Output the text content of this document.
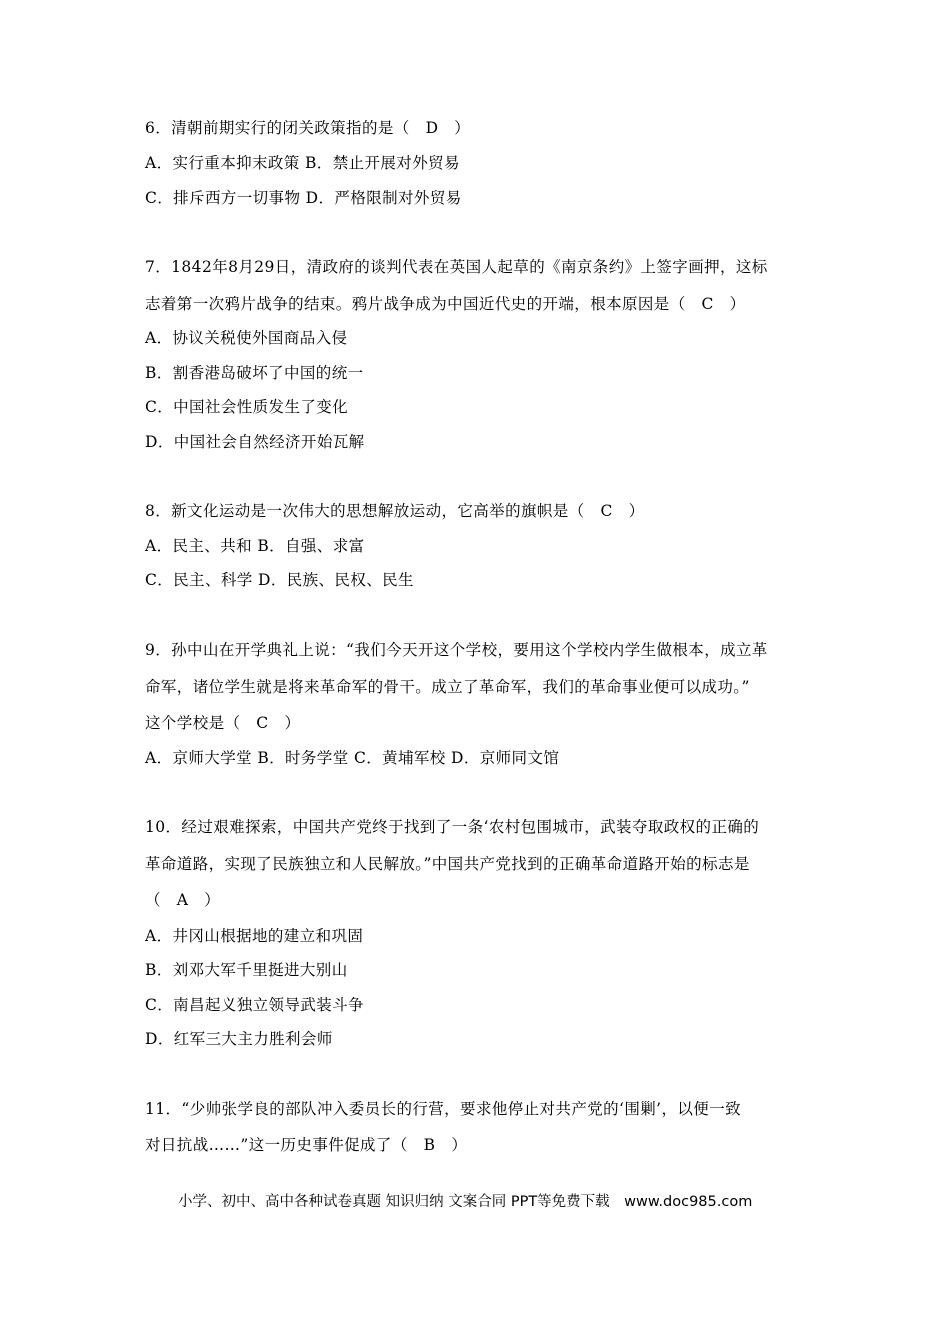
6．清朝前期实行的闭关政策指的是（　D　）
A．实行重本抑末政策 B．禁止开展对外贸易
C．排斥西方一切事物 D．严格限制对外贸易
7．1842年8月29日，清政府的谈判代表在英国人起草的《南京条约》上签字画押，这标
志着第一次鸦片战争的结束。鸦片战争成为中国近代史的开端，根本原因是（　C　）
A．协议关税使外国商品入侵
B．割香港岛破坏了中国的统一
C．中国社会性质发生了变化
D．中国社会自然经济开始瓦解
8．新文化运动是一次伟大的思想解放运动，它高举的旗帜是（　C　）
A．民主、共和 B．自强、求富
C．民主、科学 D．民族、民权、民生
9．孙中山在开学典礼上说：“我们今天开这个学校，要用这个学校内学生做根本，成立革
命军，诸位学生就是将来革命军的骨干。成立了革命军，我们的革命事业便可以成功。”
这个学校是（　C　）
A．京师大学堂 B．时务学堂 C．黄埔军校 D．京师同文馆
10．经过艰难探索，中国共产党终于找到了一条‘农村包围城市，武装夺取政权的正确的
革命道路，实现了民族独立和人民解放。”中国共产党找到的正确革命道路开始的标志是
（　A　）
A．井冈山根据地的建立和巩固
B．刘邓大军千里挺进大别山
C．南昌起义独立领导武装斗争
D．红军三大主力胜利会师
11．“少帅张学良的部队冲入委员长的行营，要求他停止对共产党的‘围剿’，以便一致
对日抗战……”这一历史事件促成了（　B　）
小学、初中、高中各种试卷真题 知识归纳 文案合同 PPT等免费下载　www.doc985.com
